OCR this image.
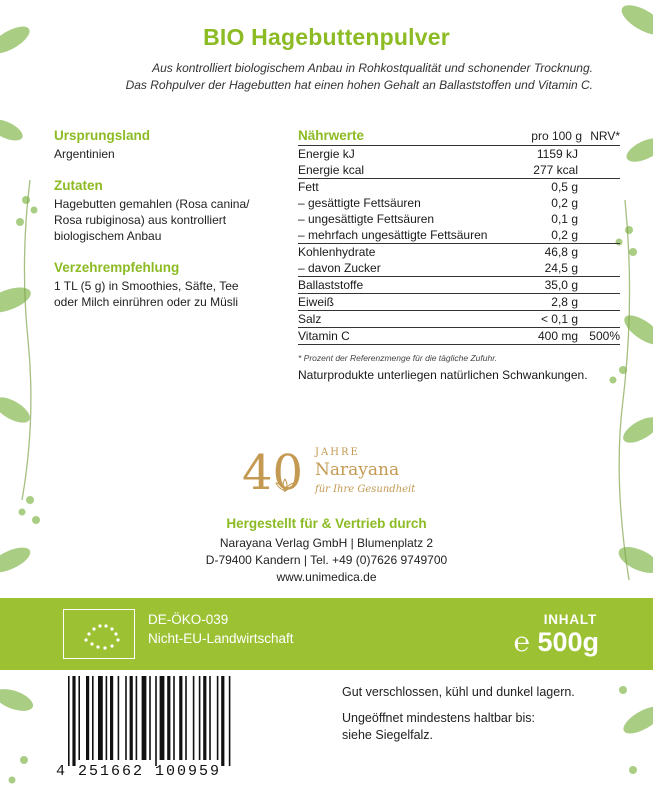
BIO Hagebuttenpulver
Aus kontrolliert biologischem Anbau in Rohkostqualität und schonender Trocknung.
Das Rohpulver der Hagebutten hat einen hohen Gehalt an Ballaststoffen und Vitamin C.
Ursprungsland
Argentinien
Zutaten
Hagebutten gemahlen (Rosa canina/
Rosa rubiginosa) aus kontrolliert
biologischem Anbau
Verzehrempfehlung
1 TL (5 g) in Smoothies, Säfte, Tee
oder Milch einrühren oder zu Müsli
Nährwerte	pro 100 g	NRV*
Energie kJ	1159 kJ	
Energie kcal	277 kcal	
Fett	0,5 g	
– gesättigte Fettsäuren	0,2 g	
– ungesättigte Fettsäuren	0,1 g	
– mehrfach ungesättigte Fettsäuren	0,2 g	
Kohlenhydrate	46,8 g	
– davon Zucker	24,5 g	
Ballaststoffe	35,0 g	
Eiweiß	2,8 g	
Salz	< 0,1 g	
Vitamin C	400 mg	500%
* Prozent der Referenzmenge für die tägliche Zufuhr.
Naturprodukte unterliegen natürlichen Schwankungen.
40 JAHRE
Narayana
für Ihre Gesundheit
Hergestellt für & Vertrieb durch
Narayana Verlag GmbH | Blumenplatz 2
D-79400 Kandern | Tel. +49 (0)7626 9749700
www.unimedica.de
DE-ÖKO-039
Nicht-EU-Landwirtschaft
INHALT
℮ 500g
Gut verschlossen, kühl und dunkel lagern.
Ungeöffnet mindestens haltbar bis:
siehe Siegelfalz.
4 251662 100959
